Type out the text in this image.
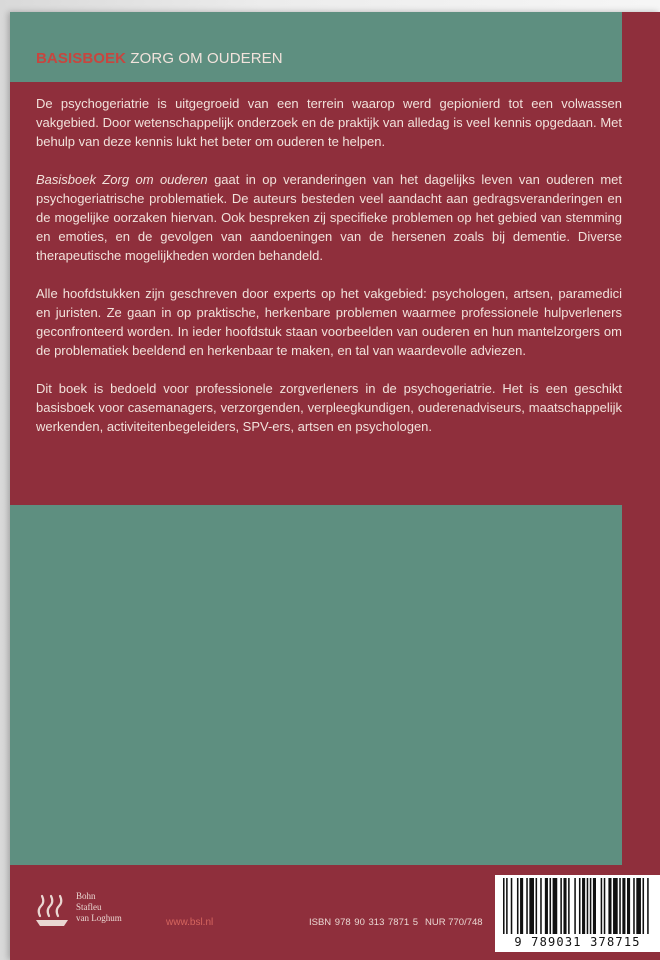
BASISBOEK ZORG OM OUDEREN

De psychogeriatrie is uitgegroeid van een terrein waarop werd gepionierd tot een volwassen vakgebied. Door wetenschappelijk onderzoek en de praktijk van alledag is veel kennis opgedaan. Met behulp van deze kennis lukt het beter om ouderen te helpen.

Basisboek Zorg om ouderen gaat in op veranderingen van het dagelijks leven van ouderen met psychogeriatrische problematiek. De auteurs besteden veel aandacht aan gedragsveranderingen en de mogelijke oorzaken hiervan. Ook bespreken zij specifieke problemen op het gebied van stemming en emoties, en de gevolgen van aandoeningen van de hersenen zoals bij dementie. Diverse therapeutische mogelijkheden worden behandeld.

Alle hoofdstukken zijn geschreven door experts op het vakgebied: psychologen, artsen, paramedici en juristen. Ze gaan in op praktische, herkenbare problemen waarmee professionele hulpverleners geconfronteerd worden. In ieder hoofdstuk staan voorbeelden van ouderen en hun mantelzorgers om de problematiek beeldend en herkenbaar te maken, en tal van waardevolle adviezen.

Dit boek is bedoeld voor professionele zorgverleners in de psychogeriatrie. Het is een geschikt basisboek voor casemanagers, verzorgenden, verpleegkundigen, ouderenadviseurs, maatschappelijk werkenden, activiteitenbegeleiders, SPV-ers, artsen en psychologen.

Bohn
Stafleu
van Loghum	www.bsl.nl	ISBN 978 90 313 7871 5 NUR 770/748
9 789031 378715
